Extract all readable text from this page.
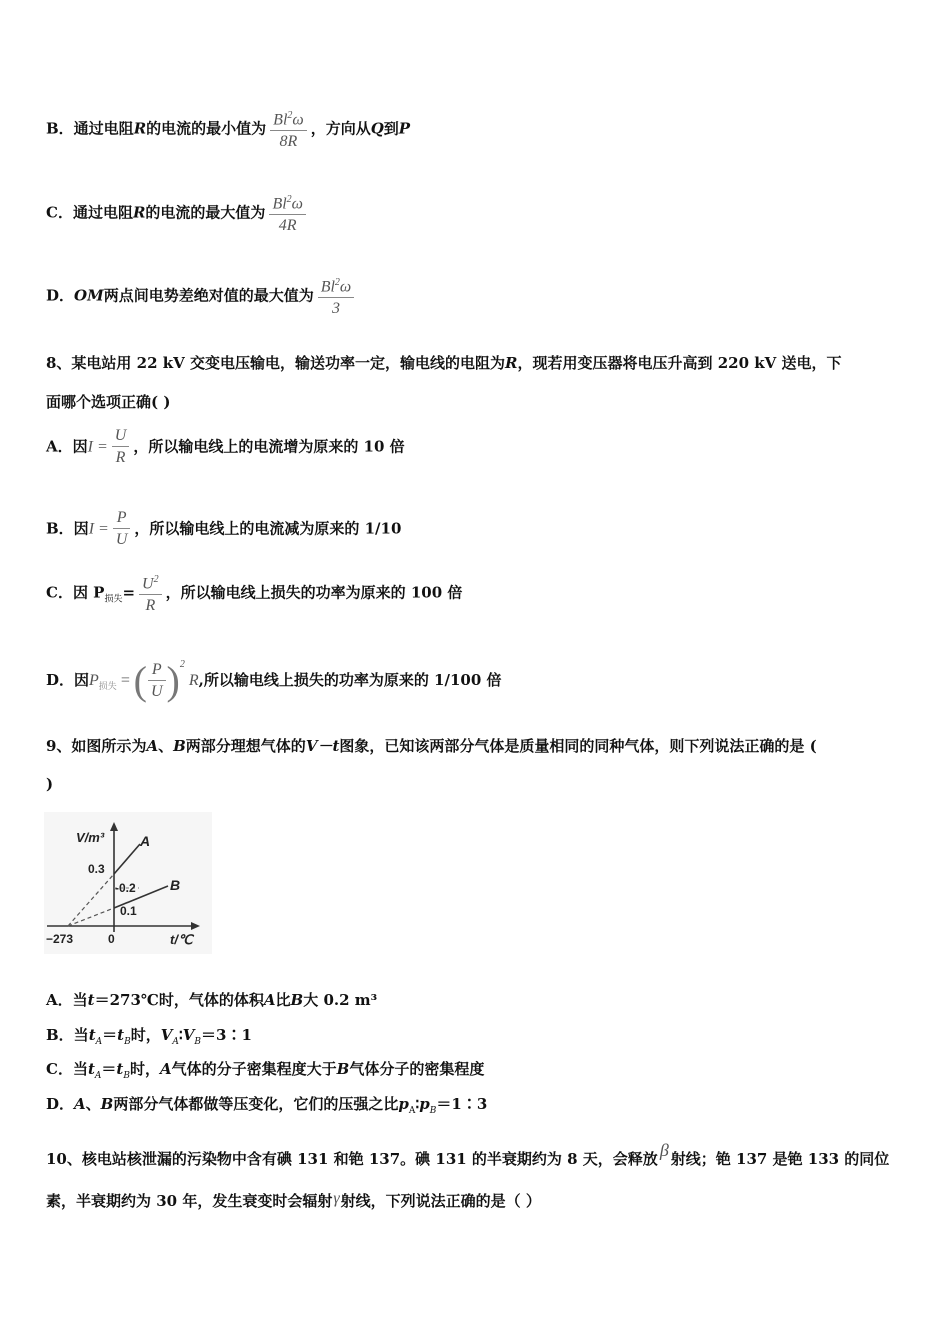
B．通过电阻R的电流的最小值为 $\frac{Bl^2\omega}{8R}$ ，方向从Q到P
C．通过电阻R的电流的最大值为 $\frac{Bl^2\omega}{4R}$
D．OM两点间电势差绝对值的最大值为 $\frac{Bl^2\omega}{3}$
8、某电站用 22 kV 交变电压输电，输送功率一定，输电线的电阻为R，现若用变压器将电压升高到 220 kV 送电，下
面哪个选项正确( )
A．因$I = \frac{U}{R}$ ，所以输电线上的电流增为原来的 10 倍
B．因$I = \frac{P}{U}$ ，所以输电线上的电流减为原来的 1/10
C．因 $P_{损失}= \frac{U^2}{R}$ ，所以输电线上损失的功率为原来的 100 倍
D．因$P_{损失}$ =( $\frac{P}{U} )^2R$,所以输电线上损失的功率为原来的 1/100 倍
9、如图所示为A、B两部分理想气体的V－t图象，已知该两部分气体是质量相同的同种气体，则下列说法正确的是 (
)
V/m³	A
B
0.3
-0.2
0.1
0
−273	t/℃
A．当t＝273℃时，气体的体积A比B大 0.2 m³
B．当$t_A=t_B$时，$V_A∶V_B=3∶1$
C．当$t_A=t_B$时，A气体的分子密集程度大于B气体分子的密集程度
D．A、B两部分气体都做等压变化，它们的压强之比$p_A∶p_B=1∶3$
10、核电站核泄漏的污染物中含有碘 131 和铯 137。碘 131 的半衰期约为 8 天，会释放 β 射线；铯 137 是铯 133 的同位
素，半衰期约为 30 年，发生衰变时会辐射γ射线，下列说法正确的是（ ）
